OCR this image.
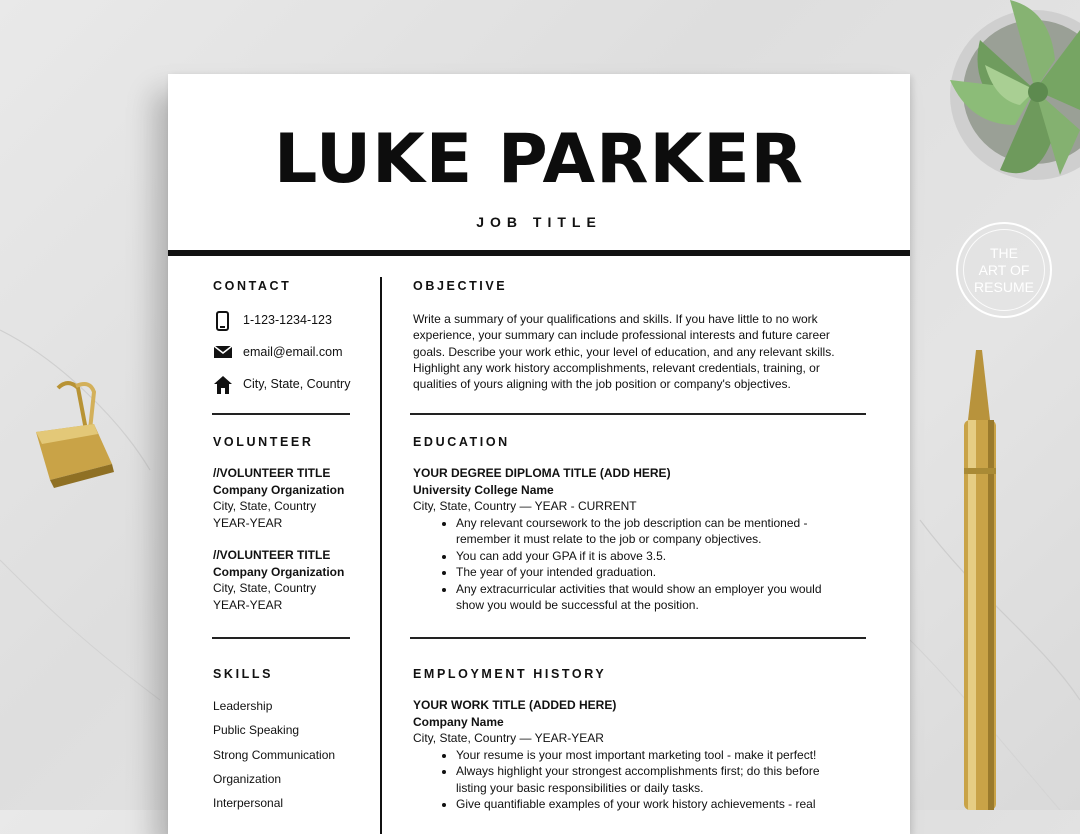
THE
ART OF
RESUME
LUKE PARKER
JOB TITLE
CONTACT
1-123-1234-123
email@email.com
City, State, Country
VOLUNTEER
//VOLUNTEER TITLE
Company Organization
City, State, Country
YEAR-YEAR
//VOLUNTEER TITLE
Company Organization
City, State, Country
YEAR-YEAR
SKILLS
Leadership
Public Speaking
Strong Communication
Organization
Interpersonal
OBJECTIVE

Write a summary of your qualifications and skills. If you have little to no work

experience, your summary can include professional interests and future career

goals. Describe your work ethic, your level of education, and any relevant skills.

Highlight any work history accomplishments, relevant credentials, training, or

qualities of yours aligning with the job position or company's objectives.

EDUCATION
YOUR DEGREE DIPLOMA TITLE (ADD HERE)
University College Name
City, State, Country — YEAR - CURRENT
• Any relevant coursework to the job description can be mentioned - remember it must relate to the job or company objectives.
• You can add your GPA if it is above 3.5.
• The year of your intended graduation.
• Any extracurricular activities that would show an employer you would show you would be successful at the position.
EMPLOYMENT HISTORY
YOUR WORK TITLE (ADDED HERE)
Company Name
City, State, Country — YEAR-YEAR
• Your resume is your most important marketing tool - make it perfect!
• Always highlight your strongest accomplishments first; do this before listing your basic responsibilities or daily tasks.
• Give quantifiable examples of your work history achievements - real
